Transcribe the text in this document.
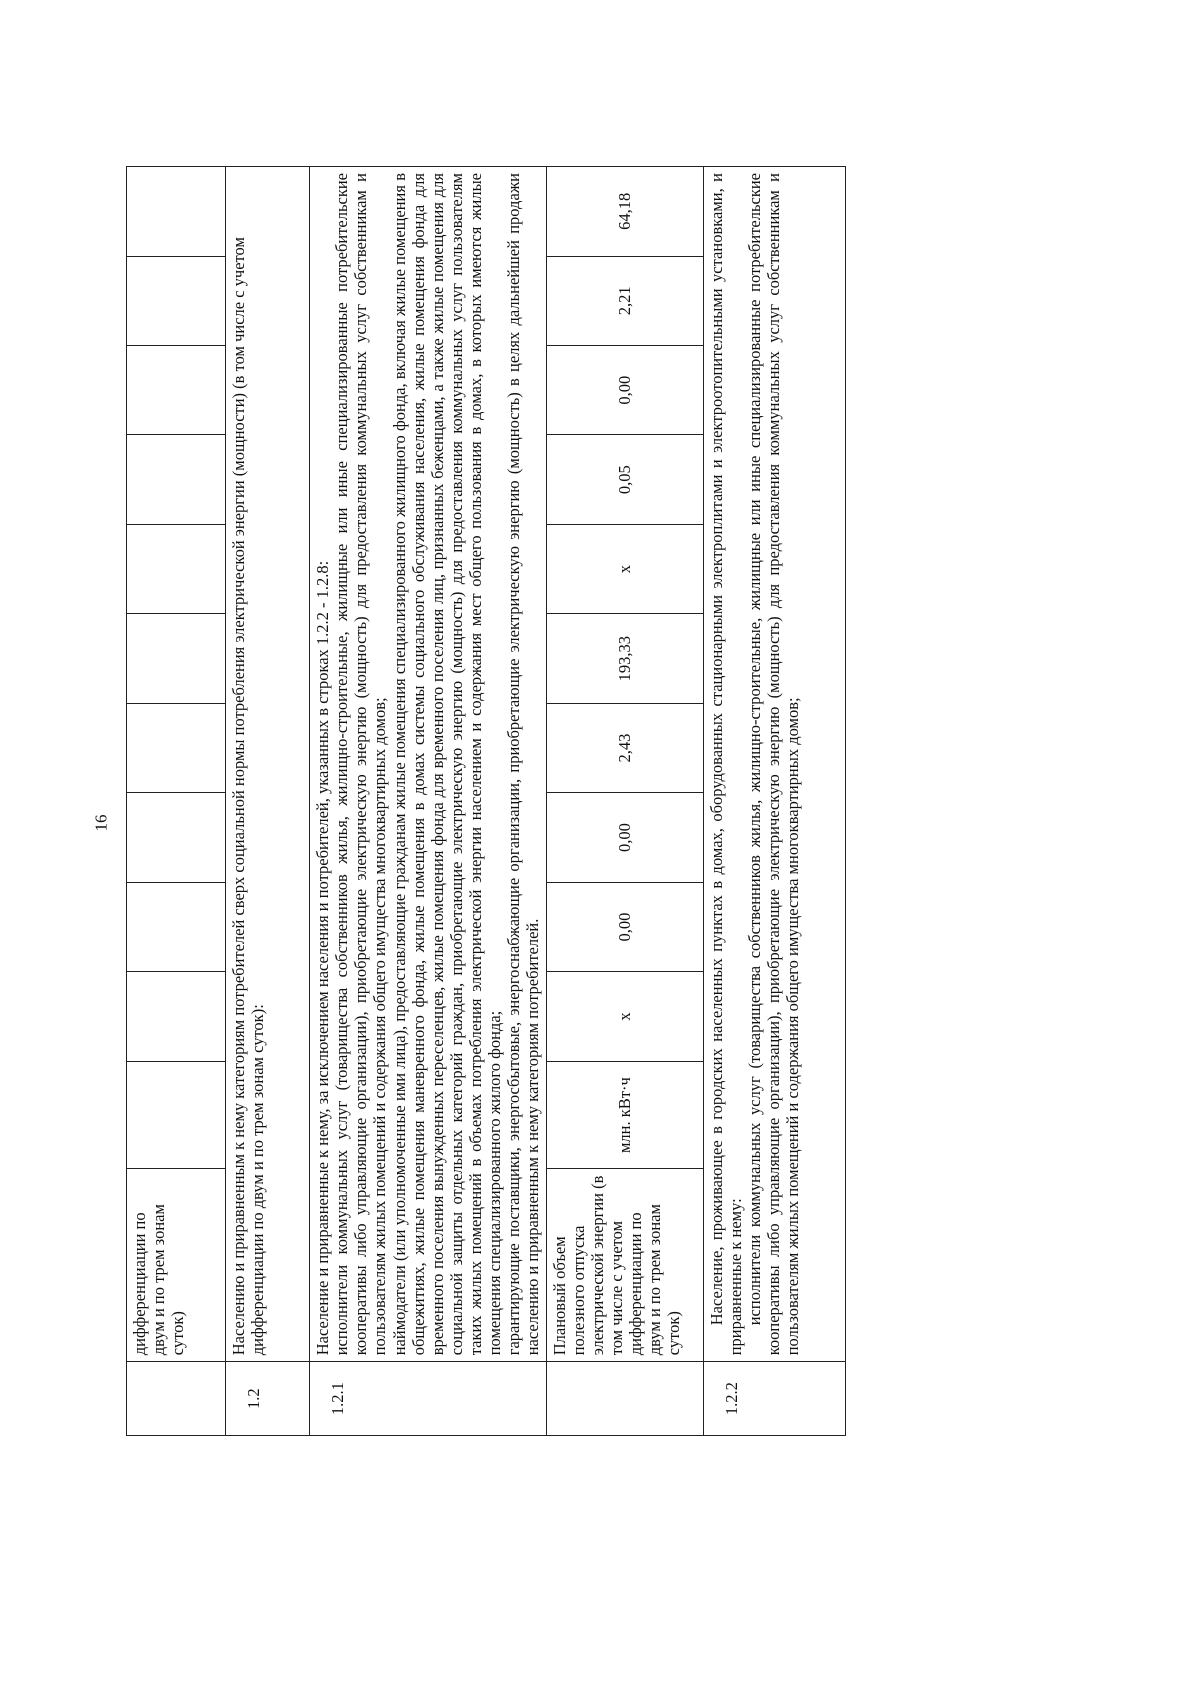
16
	дифференциации по двум и по трем зонам суток)											
1.2	Населению и приравненным к нему категориям потребителей сверх социальной нормы потребления электрической энергии (мощности) (в том числе с учетом дифференциации по двум и по трем зонам суток):											
1.2.1	Население и приравненные к нему, за исключением населения и потребителей, указанных в строках 1.2.2 - 1.2.8: исполнители коммунальных услуг (товарищества собственников жилья, жилищно-строительные, жилищные или иные специализированные потребительские кооперативы либо управляющие организации), приобретающие электрическую энергию (мощность) для предоставления коммунальных услуг собственникам и пользователям жилых помещений и содержания общего имущества многоквартирных домов; наймодатели (или уполномоченные ими лица), предоставляющие гражданам жилые помещения специализированного жилищного фонда, включая жилые помещения в общежитиях, жилые помещения маневренного фонда, жилые помещения в домах системы социального обслуживания населения, жилые помещения фонда для временного поселения вынужденных переселенцев, жилые помещения фонда для временного поселения лиц, признанных беженцами, а также жилые помещения для социальной защиты отдельных категорий граждан, приобретающие электрическую энергию (мощность) для предоставления коммунальных услуг пользователям таких жилых помещений в объемах потребления электрической энергии населением и содержания мест общего пользования в домах, в которых имеются жилые помещения специализированного жилого фонда; гарантирующие поставщики, энергосбытовые, энергоснабжающие организации, приобретающие электрическую энергию (мощность) в целях дальнейшей продажи населению и приравненным к нему категориям потребителей.											

	Плановый объем полезного отпуска электрической энергии (в том числе с учетом дифференциации по двум и по трем зонам суток)	млн. кВт·ч	х	0,00	0,00	2,43	193,33	х	0,05	0,00	2,21	64,18
1.2.2	Население, проживающее в городских населенных пунктах в домах, оборудованных стационарными электроплитами и электроотопительными установками, и приравненные к нему: исполнители коммунальных услуг (товарищества собственников жилья, жилищно-строительные, жилищные или иные специализированные потребительские кооперативы либо управляющие организации), приобретающие электрическую энергию (мощность) для предоставления коммунальных услуг собственникам и пользователям жилых помещений и содержания общего имущества многоквартирных домов;											
